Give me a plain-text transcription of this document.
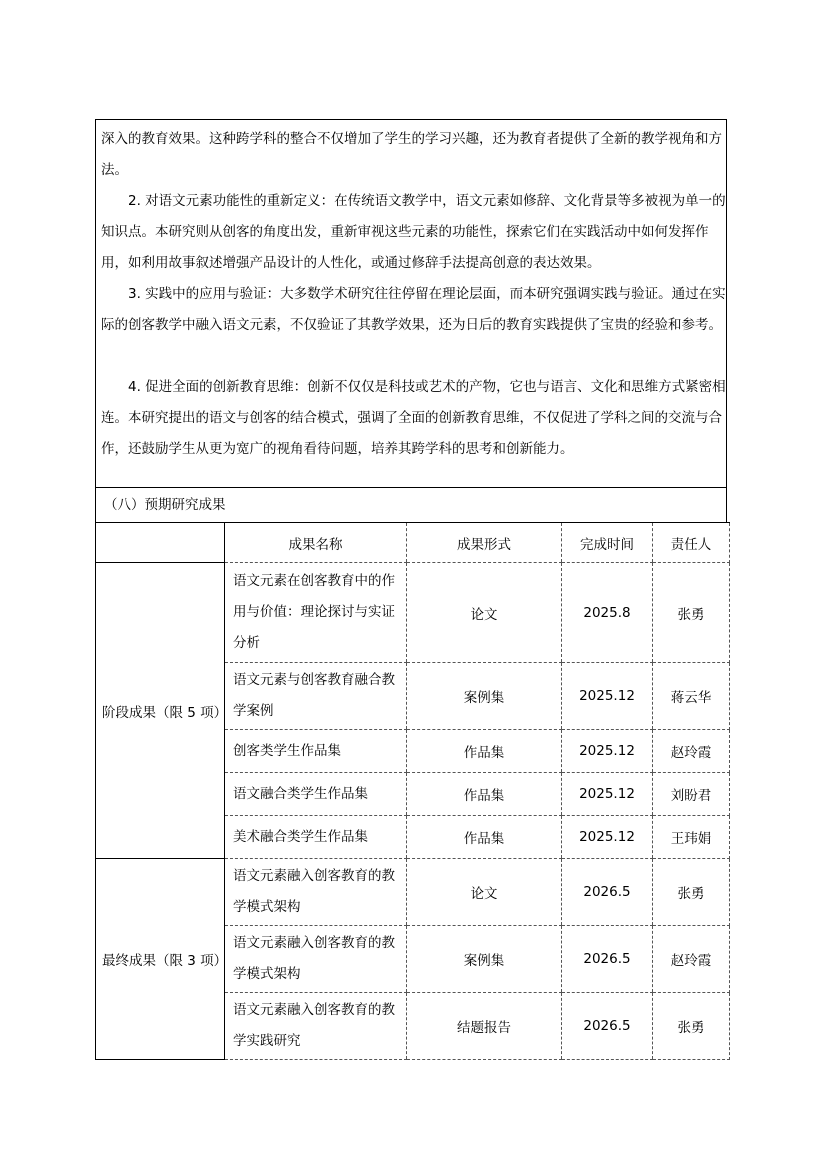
深入的教育效果。这种跨学科的整合不仅增加了学生的学习兴趣，还为教育者提供了全新的教学视角和方法。

2. 对语文元素功能性的重新定义：在传统语文教学中，语文元素如修辞、文化背景等多被视为单一的知识点。本研究则从创客的角度出发，重新审视这些元素的功能性，探索它们在实践活动中如何发挥作用，如利用故事叙述增强产品设计的人性化，或通过修辞手法提高创意的表达效果。

3. 实践中的应用与验证：大多数学术研究往往停留在理论层面，而本研究强调实践与验证。通过在实际的创客教学中融入语文元素，不仅验证了其教学效果，还为日后的教育实践提供了宝贵的经验和参考。

4. 促进全面的创新教育思维：创新不仅仅是科技或艺术的产物，它也与语言、文化和思维方式紧密相连。本研究提出的语文与创客的结合模式，强调了全面的创新教育思维，不仅促进了学科之间的交流与合作，还鼓励学生从更为宽广的视角看待问题，培养其跨学科的思考和创新能力。

（八）预期研究成果
	成果名称	成果形式	完成时间	责任人
阶段成果（限 5 项）	语文元素在创客教育中的作用与价值：理论探讨与实证分析	论文	2025.8	张勇
	语文元素与创客教育融合教学案例	案例集	2025.12	蒋云华
	创客类学生作品集	作品集	2025.12	赵玲霞
	语文融合类学生作品集	作品集	2025.12	刘盼君
	美术融合类学生作品集	作品集	2025.12	王玮娟
最终成果（限 3 项）	语文元素融入创客教育的教学模式架构	论文	2026.5	张勇
	语文元素融入创客教育的教学模式架构	案例集	2026.5	赵玲霞
	语文元素融入创客教育的教学实践研究	结题报告	2026.5	张勇
